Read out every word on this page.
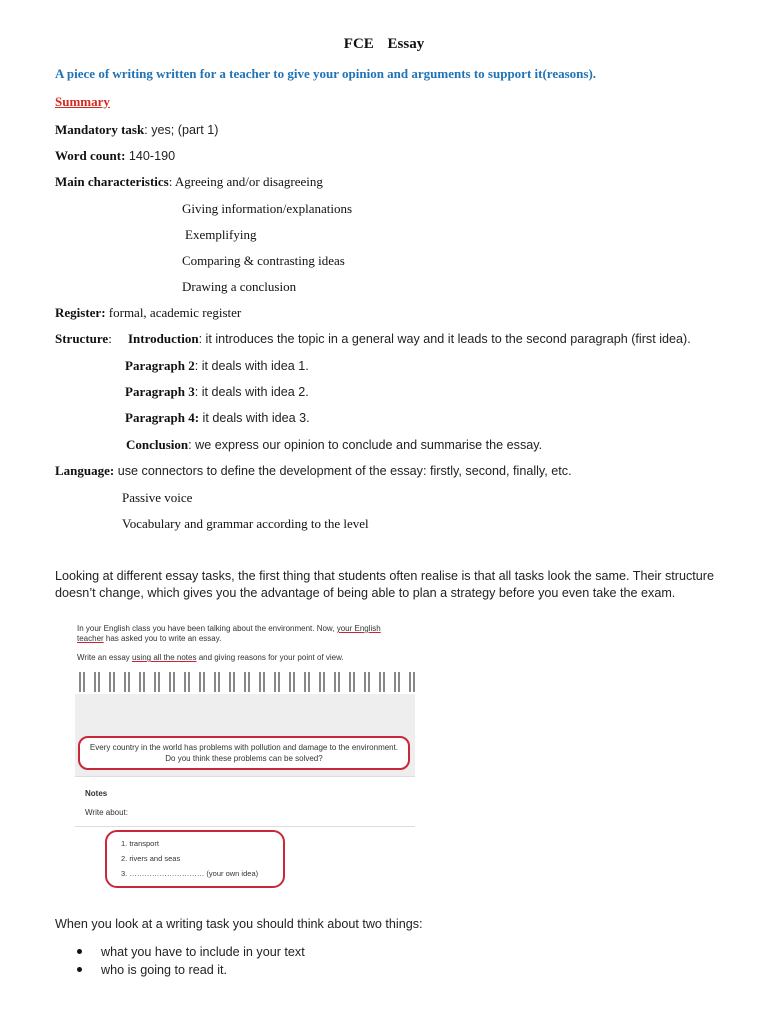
FCE Essay
A piece of writing written for a teacher to give your opinion and arguments to support it(reasons).
Summary
Mandatory task: yes; (part 1)
Word count: 140-190
Main characteristics: Agreeing and/or disagreeing
Giving information/explanations
Exemplifying
Comparing & contrasting ideas
Drawing a conclusion
Register: formal, academic register
Structure: Introduction: it introduces the topic in a general way and it leads to the second paragraph (first idea).
Paragraph 2: it deals with idea 1.
Paragraph 3: it deals with idea 2.
Paragraph 4: it deals with idea 3.
Conclusion: we express our opinion to conclude and summarise the essay.
Language: use connectors to define the development of the essay: firstly, second, finally, etc.
Passive voice
Vocabulary and grammar according to the level
Looking at different essay tasks, the first thing that students often realise is that all tasks look the same. Their structure
doesn’t change, which gives you the advantage of being able to plan a strategy before you even take the exam.
In your English class you have been talking about the environment. Now, your English
teacher has asked you to write an essay.
Write an essay using all the notes and giving reasons for your point of view.
Every country in the world has problems with pollution and damage to the environment.
Do you think these problems can be solved?
Notes
Write about:
1. transport
2. rivers and seas
3. ………………………… (your own idea)
When you look at a writing task you should think about two things:
what you have to include in your text
who is going to read it.
